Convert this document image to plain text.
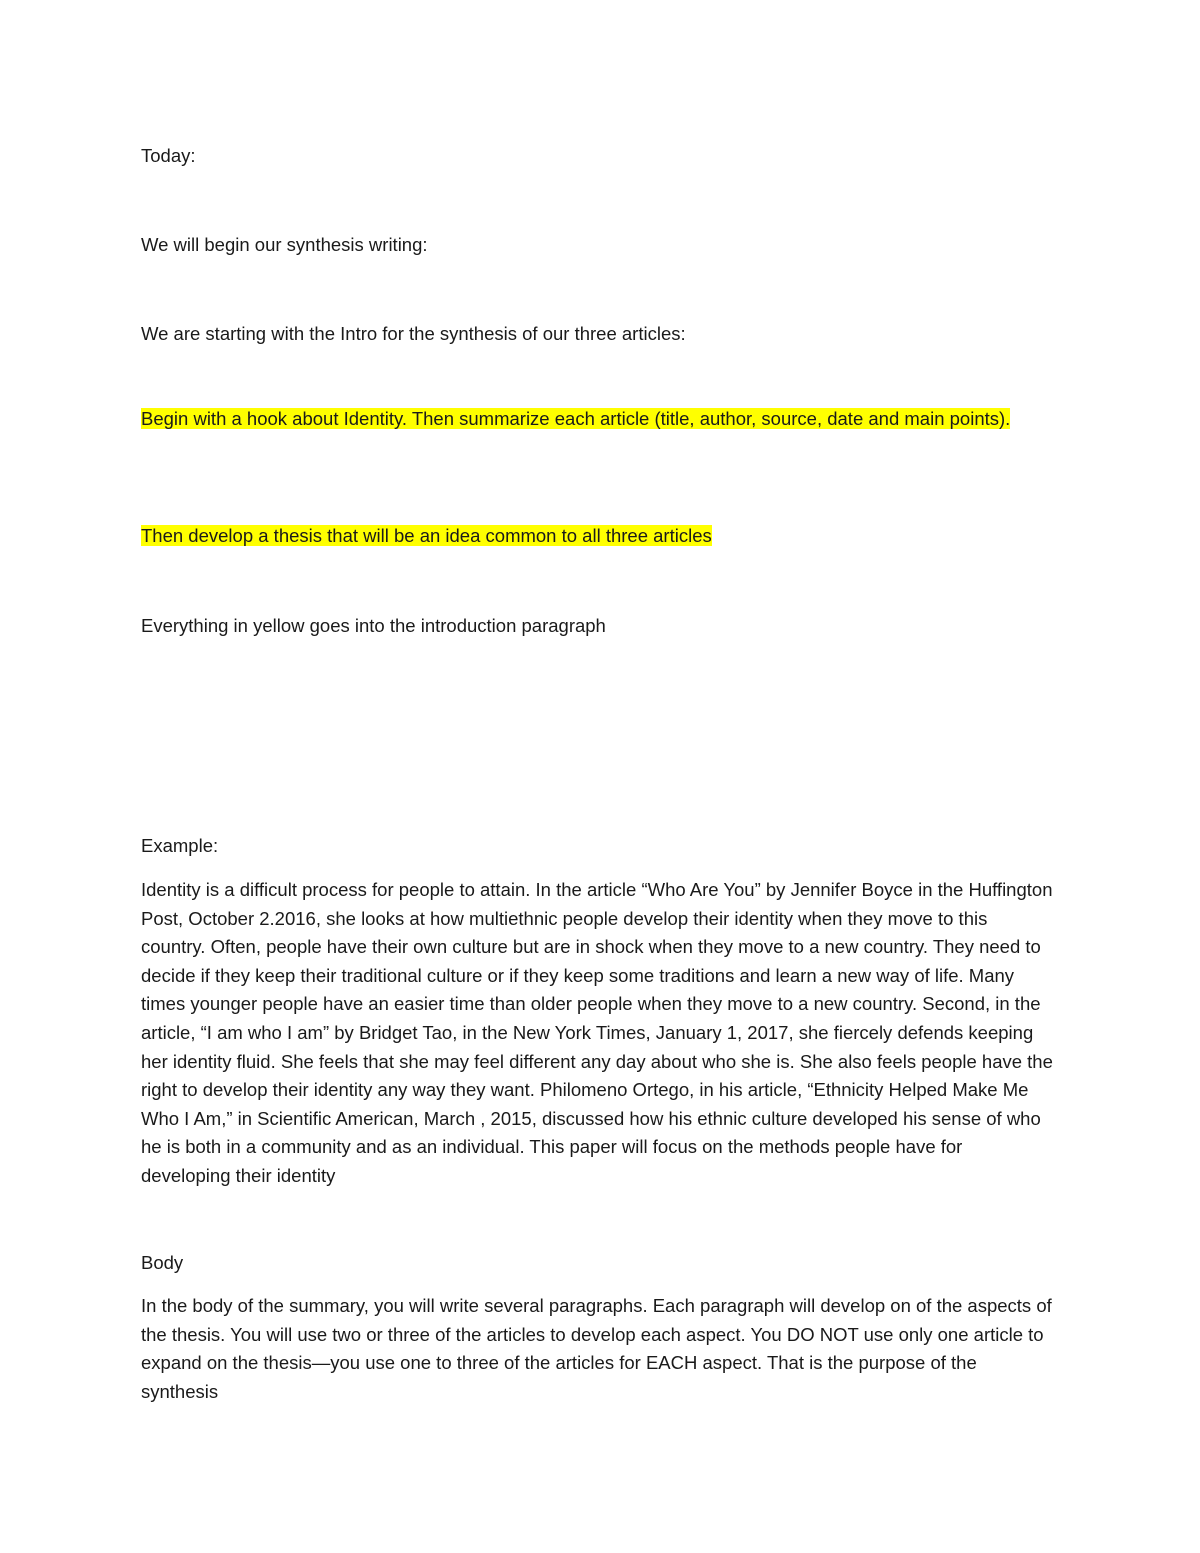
Today:

We will begin our synthesis writing:

We are starting with the Intro for the synthesis of our three articles:

Begin with a hook about Identity. Then summarize each article (title, author, source, date and main points).

Then develop a thesis that will be an idea common to all three articles

Everything in yellow goes into the introduction paragraph

Example:

Identity is a difficult process for people to attain. In the article “Who Are You” by Jennifer Boyce in the Huffington Post, October 2.2016, she looks at how multiethnic people develop their identity when they move to this country. Often, people have their own culture but are in shock when they move to a new country. They need to decide if they keep their traditional culture or if they keep some traditions and learn a new way of life. Many times younger people have an easier time than older people when they move to a new country. Second, in the article, “I am who I am” by Bridget Tao, in the New York Times, January 1, 2017, she fiercely defends keeping her identity fluid. She feels that she may feel different any day about who she is. She also feels people have the right to develop their identity any way they want. Philomeno Ortego, in his article, “Ethnicity Helped Make Me Who I Am,” in Scientific American, March , 2015, discussed how his ethnic culture developed his sense of who he is both in a community and as an individual. This paper will focus on the methods people have for developing their identity

Body

In the body of the summary, you will write several paragraphs. Each paragraph will develop on of the aspects of the thesis. You will use two or three of the articles to develop each aspect. You DO NOT use only one article to expand on the thesis—you use one to three of the articles for EACH aspect. That is the purpose of the synthesis
